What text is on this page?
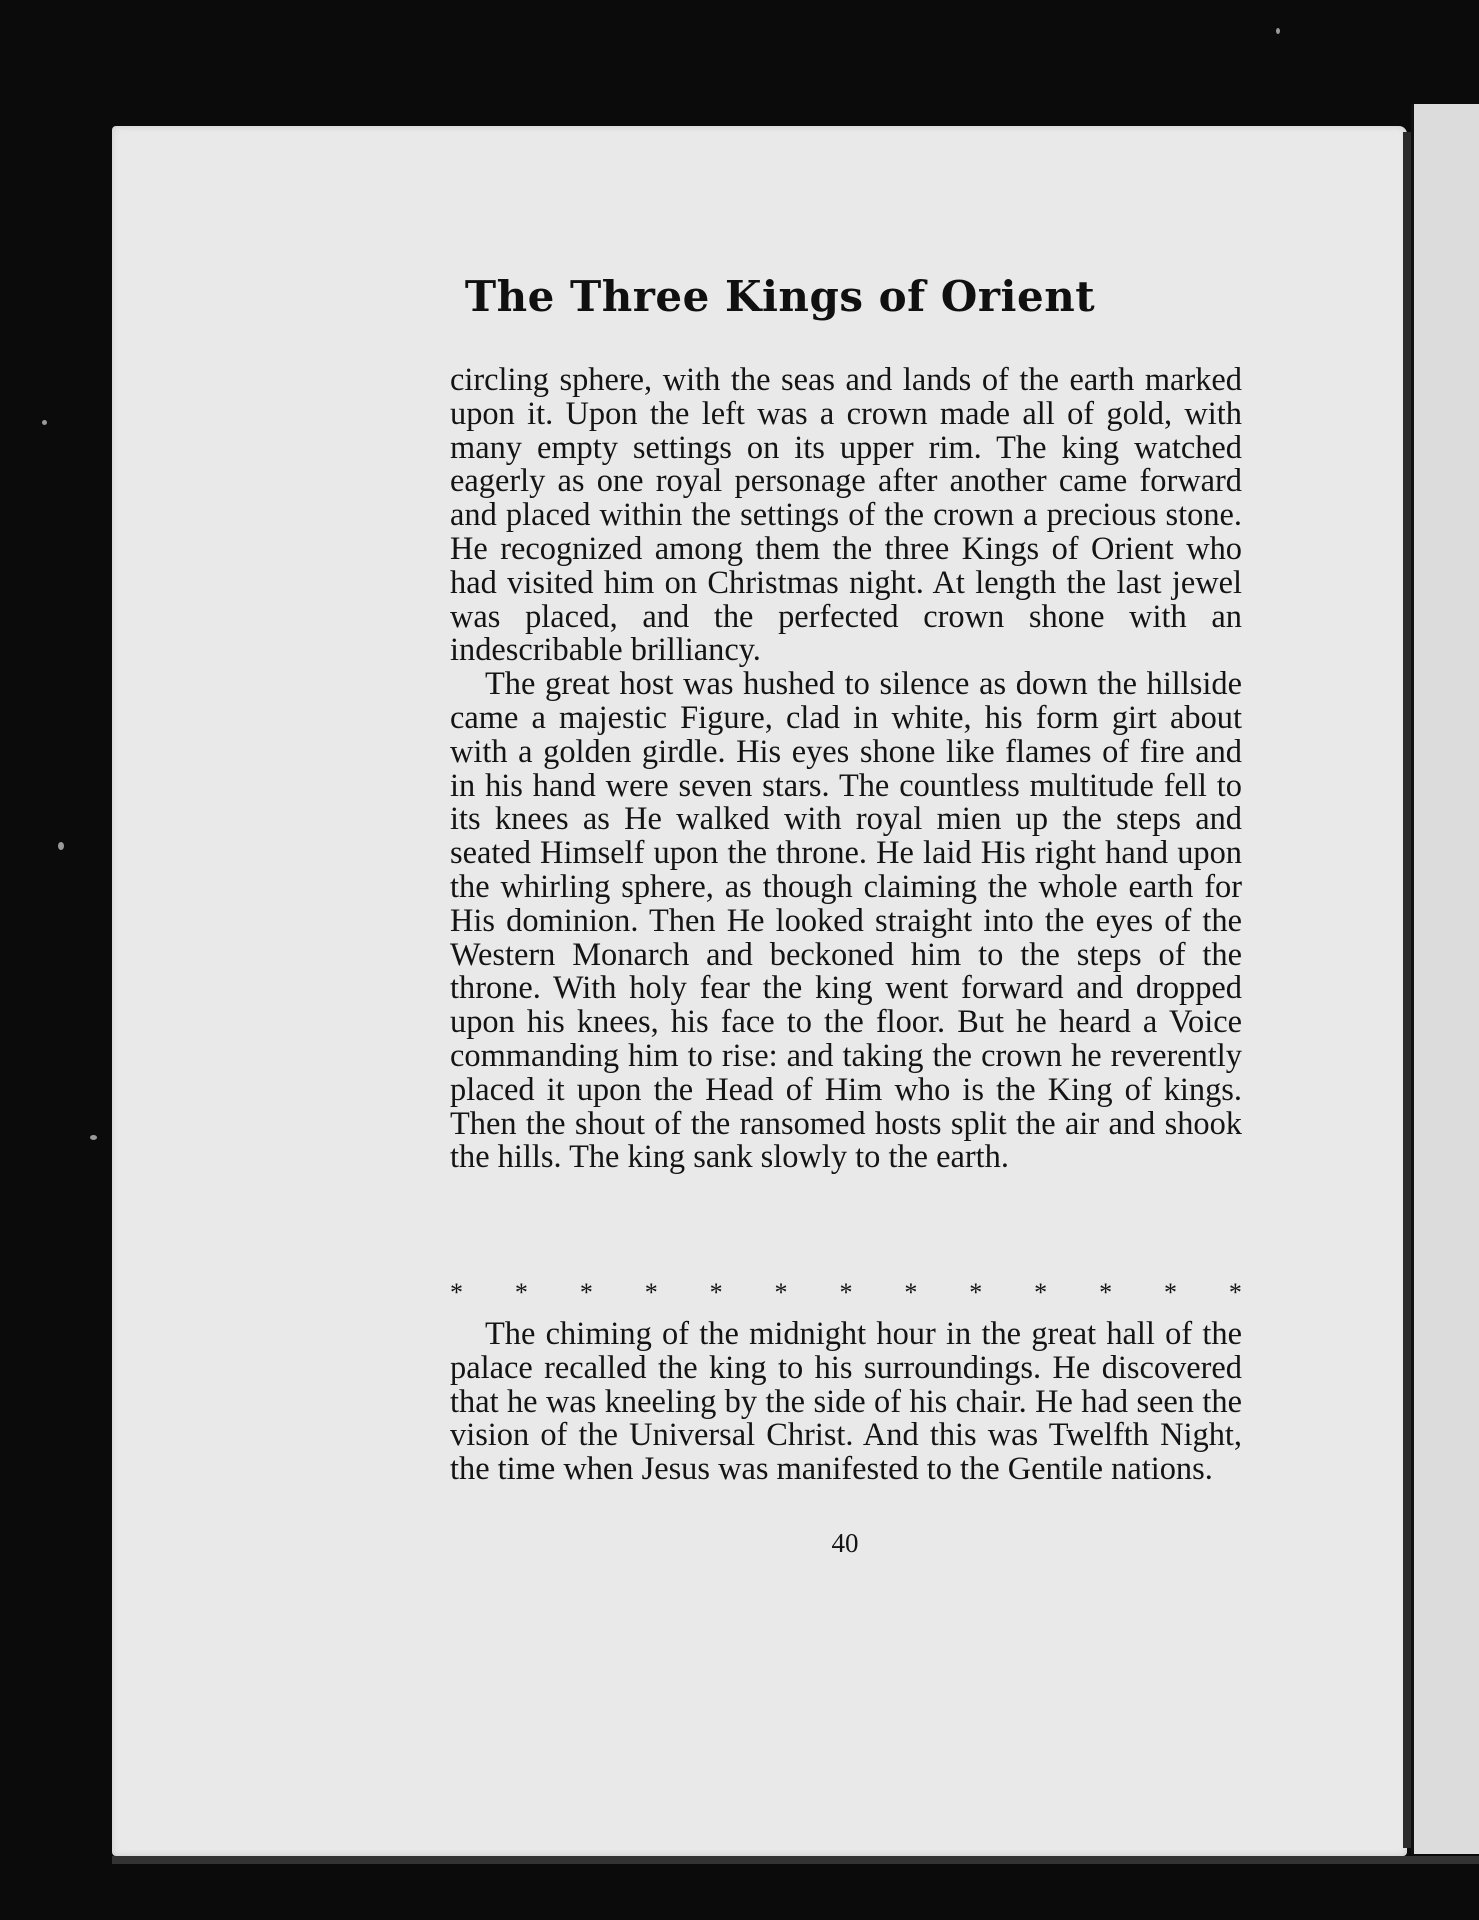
The Three Kings of Orient

circling sphere, with the seas and lands of the earth marked upon it. Upon the left was a crown made all of gold, with many empty settings on its upper rim. The king watched eagerly as one royal personage after another came forward and placed within the settings of the crown a precious stone. He recognized among them the three Kings of Orient who had visited him on Christmas night. At length the last jewel was placed, and the perfected crown shone with an indescribable brilliancy.

The great host was hushed to silence as down the hillside came a majestic Figure, clad in white, his form girt about with a golden girdle. His eyes shone like flames of fire and in his hand were seven stars. The countless multitude fell to its knees as He walked with royal mien up the steps and seated Himself upon the throne. He laid His right hand upon the whirling sphere, as though claiming the whole earth for His dominion. Then He looked straight into the eyes of the Western Monarch and beckoned him to the steps of the throne. With holy fear the king went forward and dropped upon his knees, his face to the floor. But he heard a Voice commanding him to rise: and taking the crown he reverently placed it upon the Head of Him who is the King of kings. Then the shout of the ransomed hosts split the air and shook the hills. The king sank slowly to the earth.

* * * * * * * * * * * * *

The chiming of the midnight hour in the great hall of the palace recalled the king to his surroundings. He discovered that he was kneeling by the side of his chair. He had seen the vision of the Universal Christ. And this was Twelfth Night, the time when Jesus was manifested to the Gentile nations.

40
